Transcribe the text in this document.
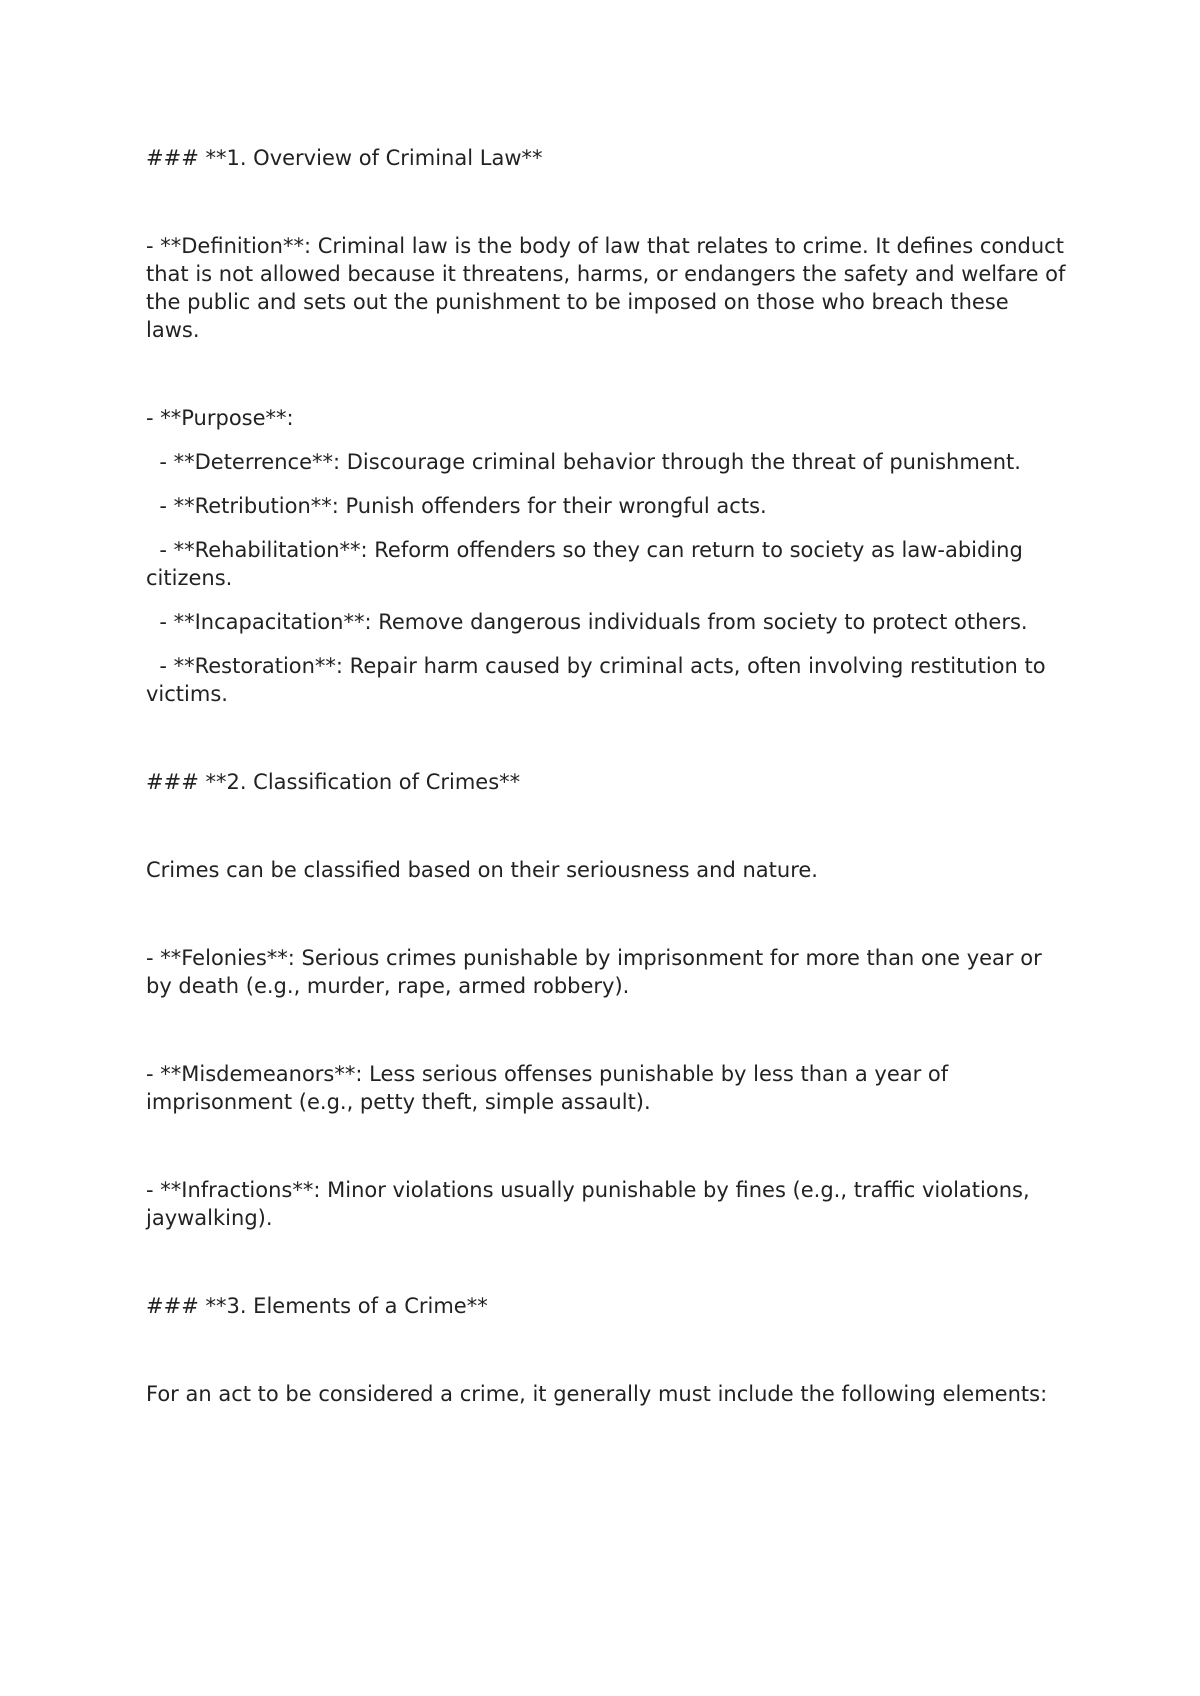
### **1. Overview of Criminal Law**

- **Definition**: Criminal law is the body of law that relates to crime. It defines conduct that is not allowed because it threatens, harms, or endangers the safety and welfare of the public and sets out the punishment to be imposed on those who breach these laws.

- **Purpose**:

- **Deterrence**: Discourage criminal behavior through the threat of punishment.

- **Retribution**: Punish offenders for their wrongful acts.

- **Rehabilitation**: Reform offenders so they can return to society as law-abiding citizens.

- **Incapacitation**: Remove dangerous individuals from society to protect others.

- **Restoration**: Repair harm caused by criminal acts, often involving restitution to victims.

### **2. Classification of Crimes**

Crimes can be classified based on their seriousness and nature.

- **Felonies**: Serious crimes punishable by imprisonment for more than one year or by death (e.g., murder, rape, armed robbery).

- **Misdemeanors**: Less serious offenses punishable by less than a year of imprisonment (e.g., petty theft, simple assault).

- **Infractions**: Minor violations usually punishable by fines (e.g., traffic violations, jaywalking).

### **3. Elements of a Crime**

For an act to be considered a crime, it generally must include the following elements:
